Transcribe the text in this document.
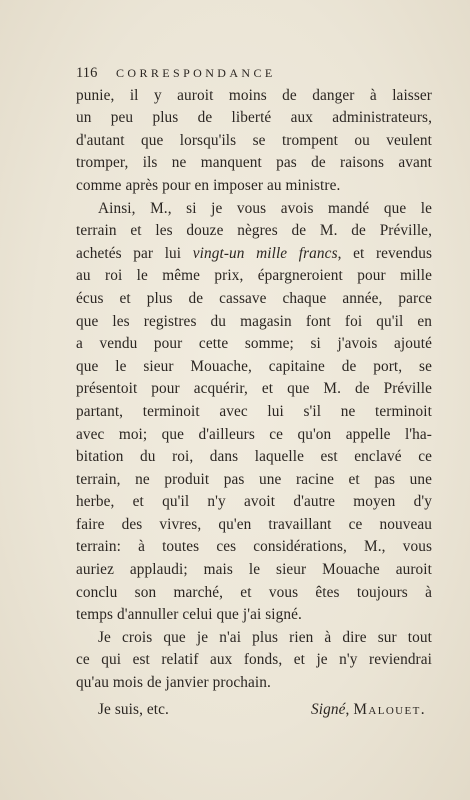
116	CORRESPONDANCE
punie, il y auroit moins de danger à laisser
un peu plus de liberté aux administrateurs,
d'autant que lorsqu'ils se trompent ou veulent
tromper, ils ne manquent pas de raisons avant
comme après pour en imposer au ministre.
Ainsi, M., si je vous avois mandé que le
terrain et les douze nègres de M. de Préville,
achetés par lui vingt-un mille francs, et revendus
au roi le même prix, épargneroient pour mille
écus et plus de cassave chaque année, parce
que les registres du magasin font foi qu'il en
a vendu pour cette somme; si j'avois ajouté
que le sieur Mouache, capitaine de port, se
présentoit pour acquérir, et que M. de Préville
partant, terminoit avec lui s'il ne terminoit
avec moi; que d'ailleurs ce qu'on appelle l'ha-
bitation du roi, dans laquelle est enclavé ce
terrain, ne produit pas une racine et pas une
herbe, et qu'il n'y avoit d'autre moyen d'y
faire des vivres, qu'en travaillant ce nouveau
terrain: à toutes ces considérations, M., vous
auriez applaudi; mais le sieur Mouache auroit
conclu son marché, et vous êtes toujours à
temps d'annuller celui que j'ai signé.
Je crois que je n'ai plus rien à dire sur tout
ce qui est relatif aux fonds, et je n'y reviendrai
qu'au mois de janvier prochain.
Je suis, etc.	Signé, Malouet.
